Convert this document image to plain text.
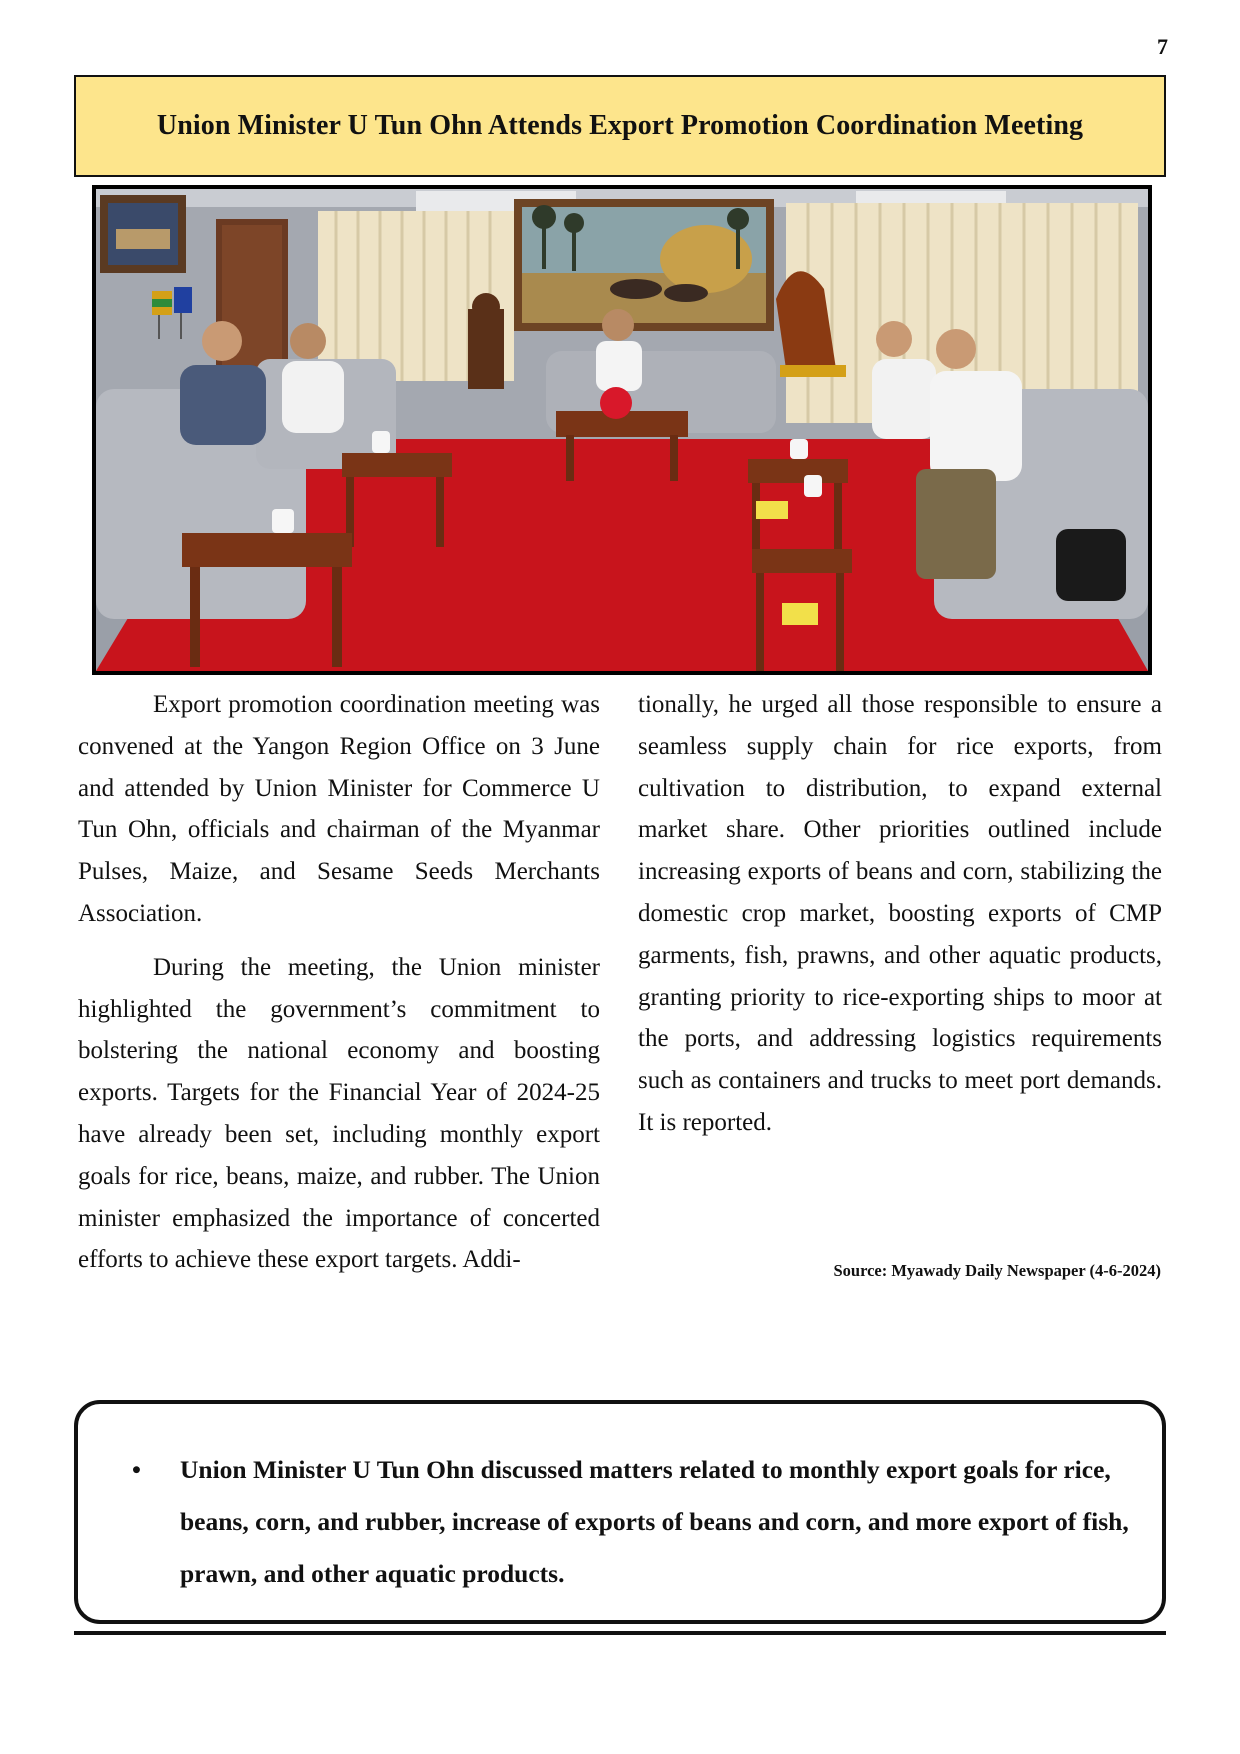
7
Union Minister U Tun Ohn Attends Export Promotion Coordination Meeting

Export promotion coordination meeting was convened at the Yangon Region Office on 3 June and attended by Union Minister for Commerce U Tun Ohn, officials and chairman of the Myanmar Pulses, Maize, and Sesame Seeds Merchants Association.

During the meeting, the Union minister highlighted the government’s commitment to bolstering the national economy and boosting exports. Targets for the Financial Year of 2024-25 have already been set, including monthly export goals for rice, beans, maize, and rubber. The Union minister emphasized the importance of concerted efforts to achieve these export targets. Addi-

tionally, he urged all those responsible to ensure a seamless supply chain for rice exports, from cultivation to distribution, to expand external market share. Other priorities outlined include increasing exports of beans and corn, stabilizing the domestic crop market, boosting exports of CMP garments, fish, prawns, and other aquatic products, granting priority to rice-exporting ships to moor at the ports, and addressing logistics requirements such as containers and trucks to meet port demands. It is reported.

Source: Myawady Daily Newspaper (4-6-2024)
•	Union Minister U Tun Ohn discussed matters related to monthly export goals for rice, beans, corn, and rubber, increase of exports of beans and corn, and more export of fish, prawn, and other aquatic products.
